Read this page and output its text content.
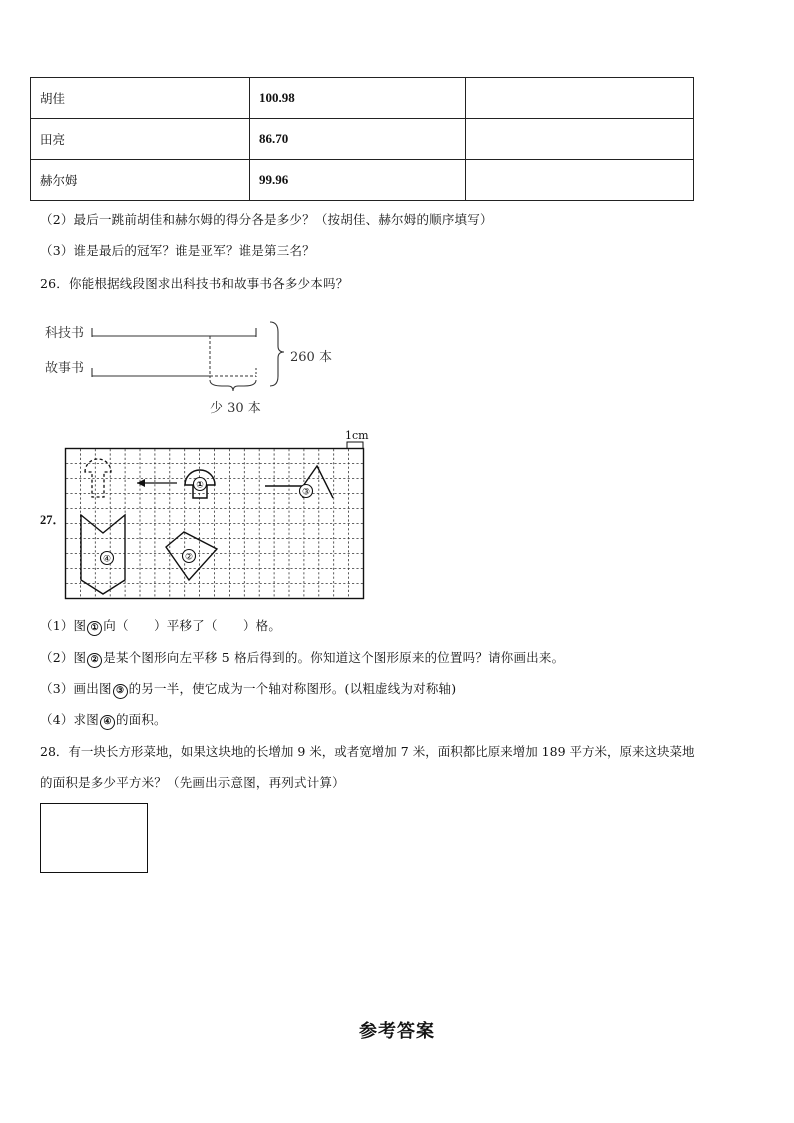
胡佳	100.98	
田亮	86.70	
赫尔姆	99.96	
（2）最后一跳前胡佳和赫尔姆的得分各是多少？（按胡佳、赫尔姆的顺序填写）
（3）谁是最后的冠军？谁是亚军？谁是第三名？
26．你能根据线段图求出科技书和故事书各多少本吗？
科技书
故事书
260 本
少 30 本
1cm
27．
①
③
④	②
（1）图 ① 向（　　）平移了（　　）格。
（2）图 ② 是某个图形向左平移 5 格后得到的。你知道这个图形原来的位置吗？请你画出来。
（3）画出图 ③ 的另一半，使它成为一个轴对称图形。(以粗虚线为对称轴)
（4）求图 ④ 的面积。
28．有一块长方形菜地，如果这块地的长增加 9 米，或者宽增加 7 米，面积都比原来增加 189 平方米，原来这块菜地
的面积是多少平方米？（先画出示意图，再列式计算）
参考答案
